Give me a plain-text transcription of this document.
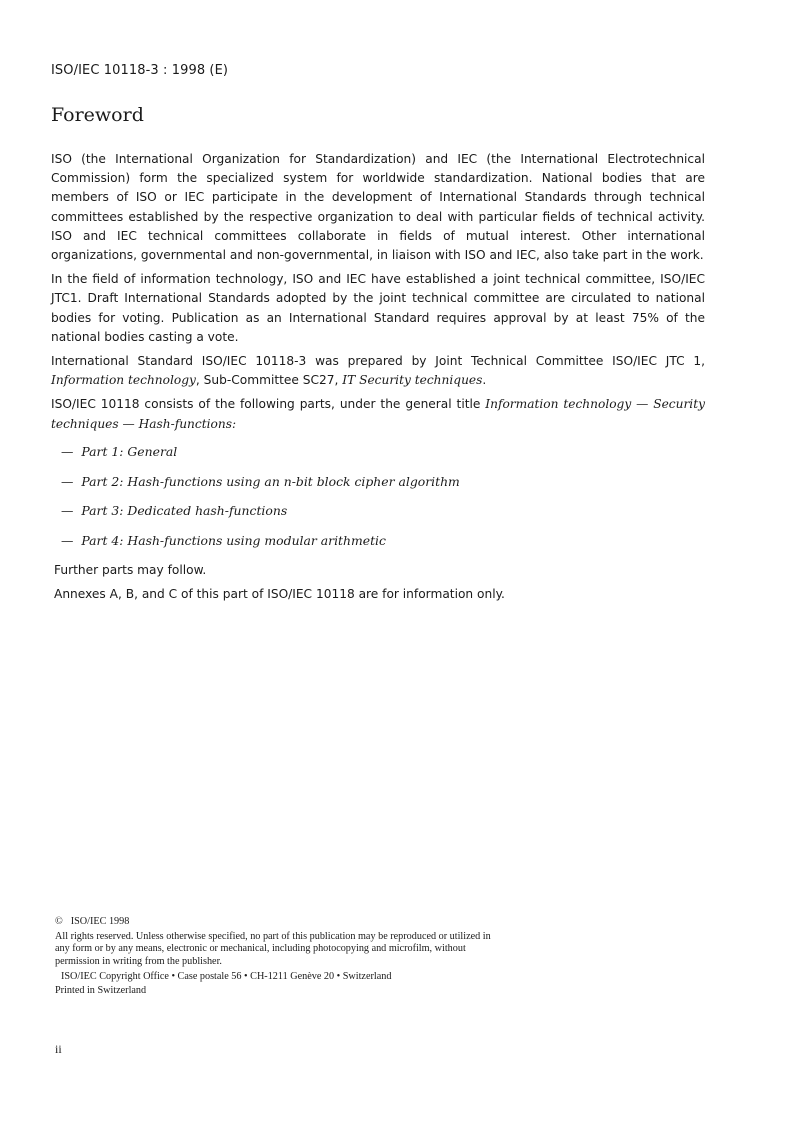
ISO/IEC 10118-3 : 1998 (E)
Foreword

ISO (the International Organization for Standardization) and IEC (the International Electrotechnical Commission) form the specialized system for worldwide standardization. National bodies that are members of ISO or IEC participate in the development of International Standards through technical committees established by the respective organization to deal with particular fields of technical activity. ISO and IEC technical committees collaborate in fields of mutual interest. Other international organizations, governmental and non-governmental, in liaison with ISO and IEC, also take part in the work.

In the field of information technology, ISO and IEC have established a joint technical committee, ISO/IEC JTC1. Draft International Standards adopted by the joint technical committee are circulated to national bodies for voting. Publication as an International Standard requires approval by at least 75% of the national bodies casting a vote.

International Standard ISO/IEC 10118-3 was prepared by Joint Technical Committee ISO/IEC JTC 1, Information technology, Sub-Committee SC27, IT Security techniques.

ISO/IEC 10118 consists of the following parts, under the general title Information technology — Security techniques — Hash-functions:

— Part 1: General
— Part 2: Hash-functions using an n-bit block cipher algorithm
— Part 3: Dedicated hash-functions
— Part 4: Hash-functions using modular arithmetic

Further parts may follow.

Annexes A, B, and C of this part of ISO/IEC 10118 are for information only.

© ISO/IEC 1998
All rights reserved. Unless otherwise specified, no part of this publication may be reproduced or utilized in any form or by any means, electronic or mechanical, including photocopying and microfilm, without permission in writing from the publisher.
ISO/IEC Copyright Office • Case postale 56 • CH-1211 Genève 20 • Switzerland
Printed in Switzerland
ii
